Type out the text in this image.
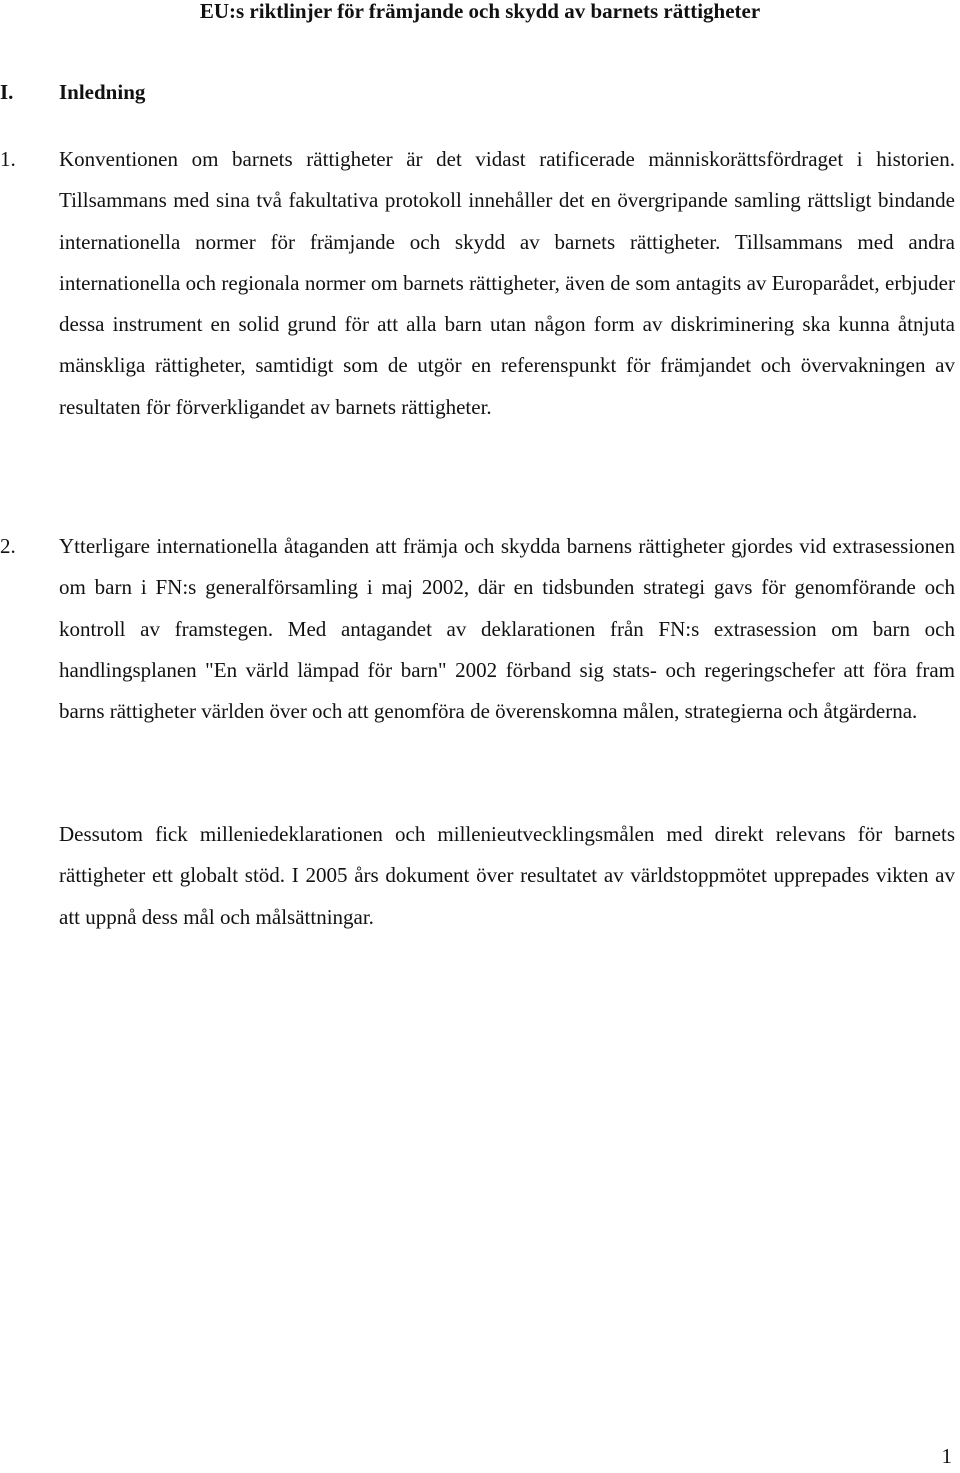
EU:s riktlinjer för främjande och skydd av barnets rättigheter
I. Inledning

1. Konventionen om barnets rättigheter är det vidast ratificerade människorättsfördraget i historien. Tillsammans med sina två fakultativa protokoll innehåller det en övergripande samling rättsligt bindande internationella normer för främjande och skydd av barnets rättigheter. Tillsammans med andra internationella och regionala normer om barnets rättigheter, även de som antagits av Europarådet, erbjuder dessa instrument en solid grund för att alla barn utan någon form av diskriminering ska kunna åtnjuta mänskliga rättigheter, samtidigt som de utgör en referenspunkt för främjandet och övervakningen av resultaten för förverkligandet av barnets rättigheter.

2. Ytterligare internationella åtaganden att främja och skydda barnens rättigheter gjordes vid extrasessionen om barn i FN:s generalförsamling i maj 2002, där en tidsbunden strategi gavs för genomförande och kontroll av framstegen. Med antagandet av deklarationen från FN:s extrasession om barn och handlingsplanen "En värld lämpad för barn" 2002 förband sig stats- och regeringschefer att föra fram barns rättigheter världen över och att genomföra de överenskomna målen, strategierna och åtgärderna.

Dessutom fick milleniedeklarationen och millenieutvecklingsmålen med direkt relevans för barnets rättigheter ett globalt stöd. I 2005 års dokument över resultatet av världstoppmötet upprepades vikten av att uppnå dess mål och målsättningar.

1
